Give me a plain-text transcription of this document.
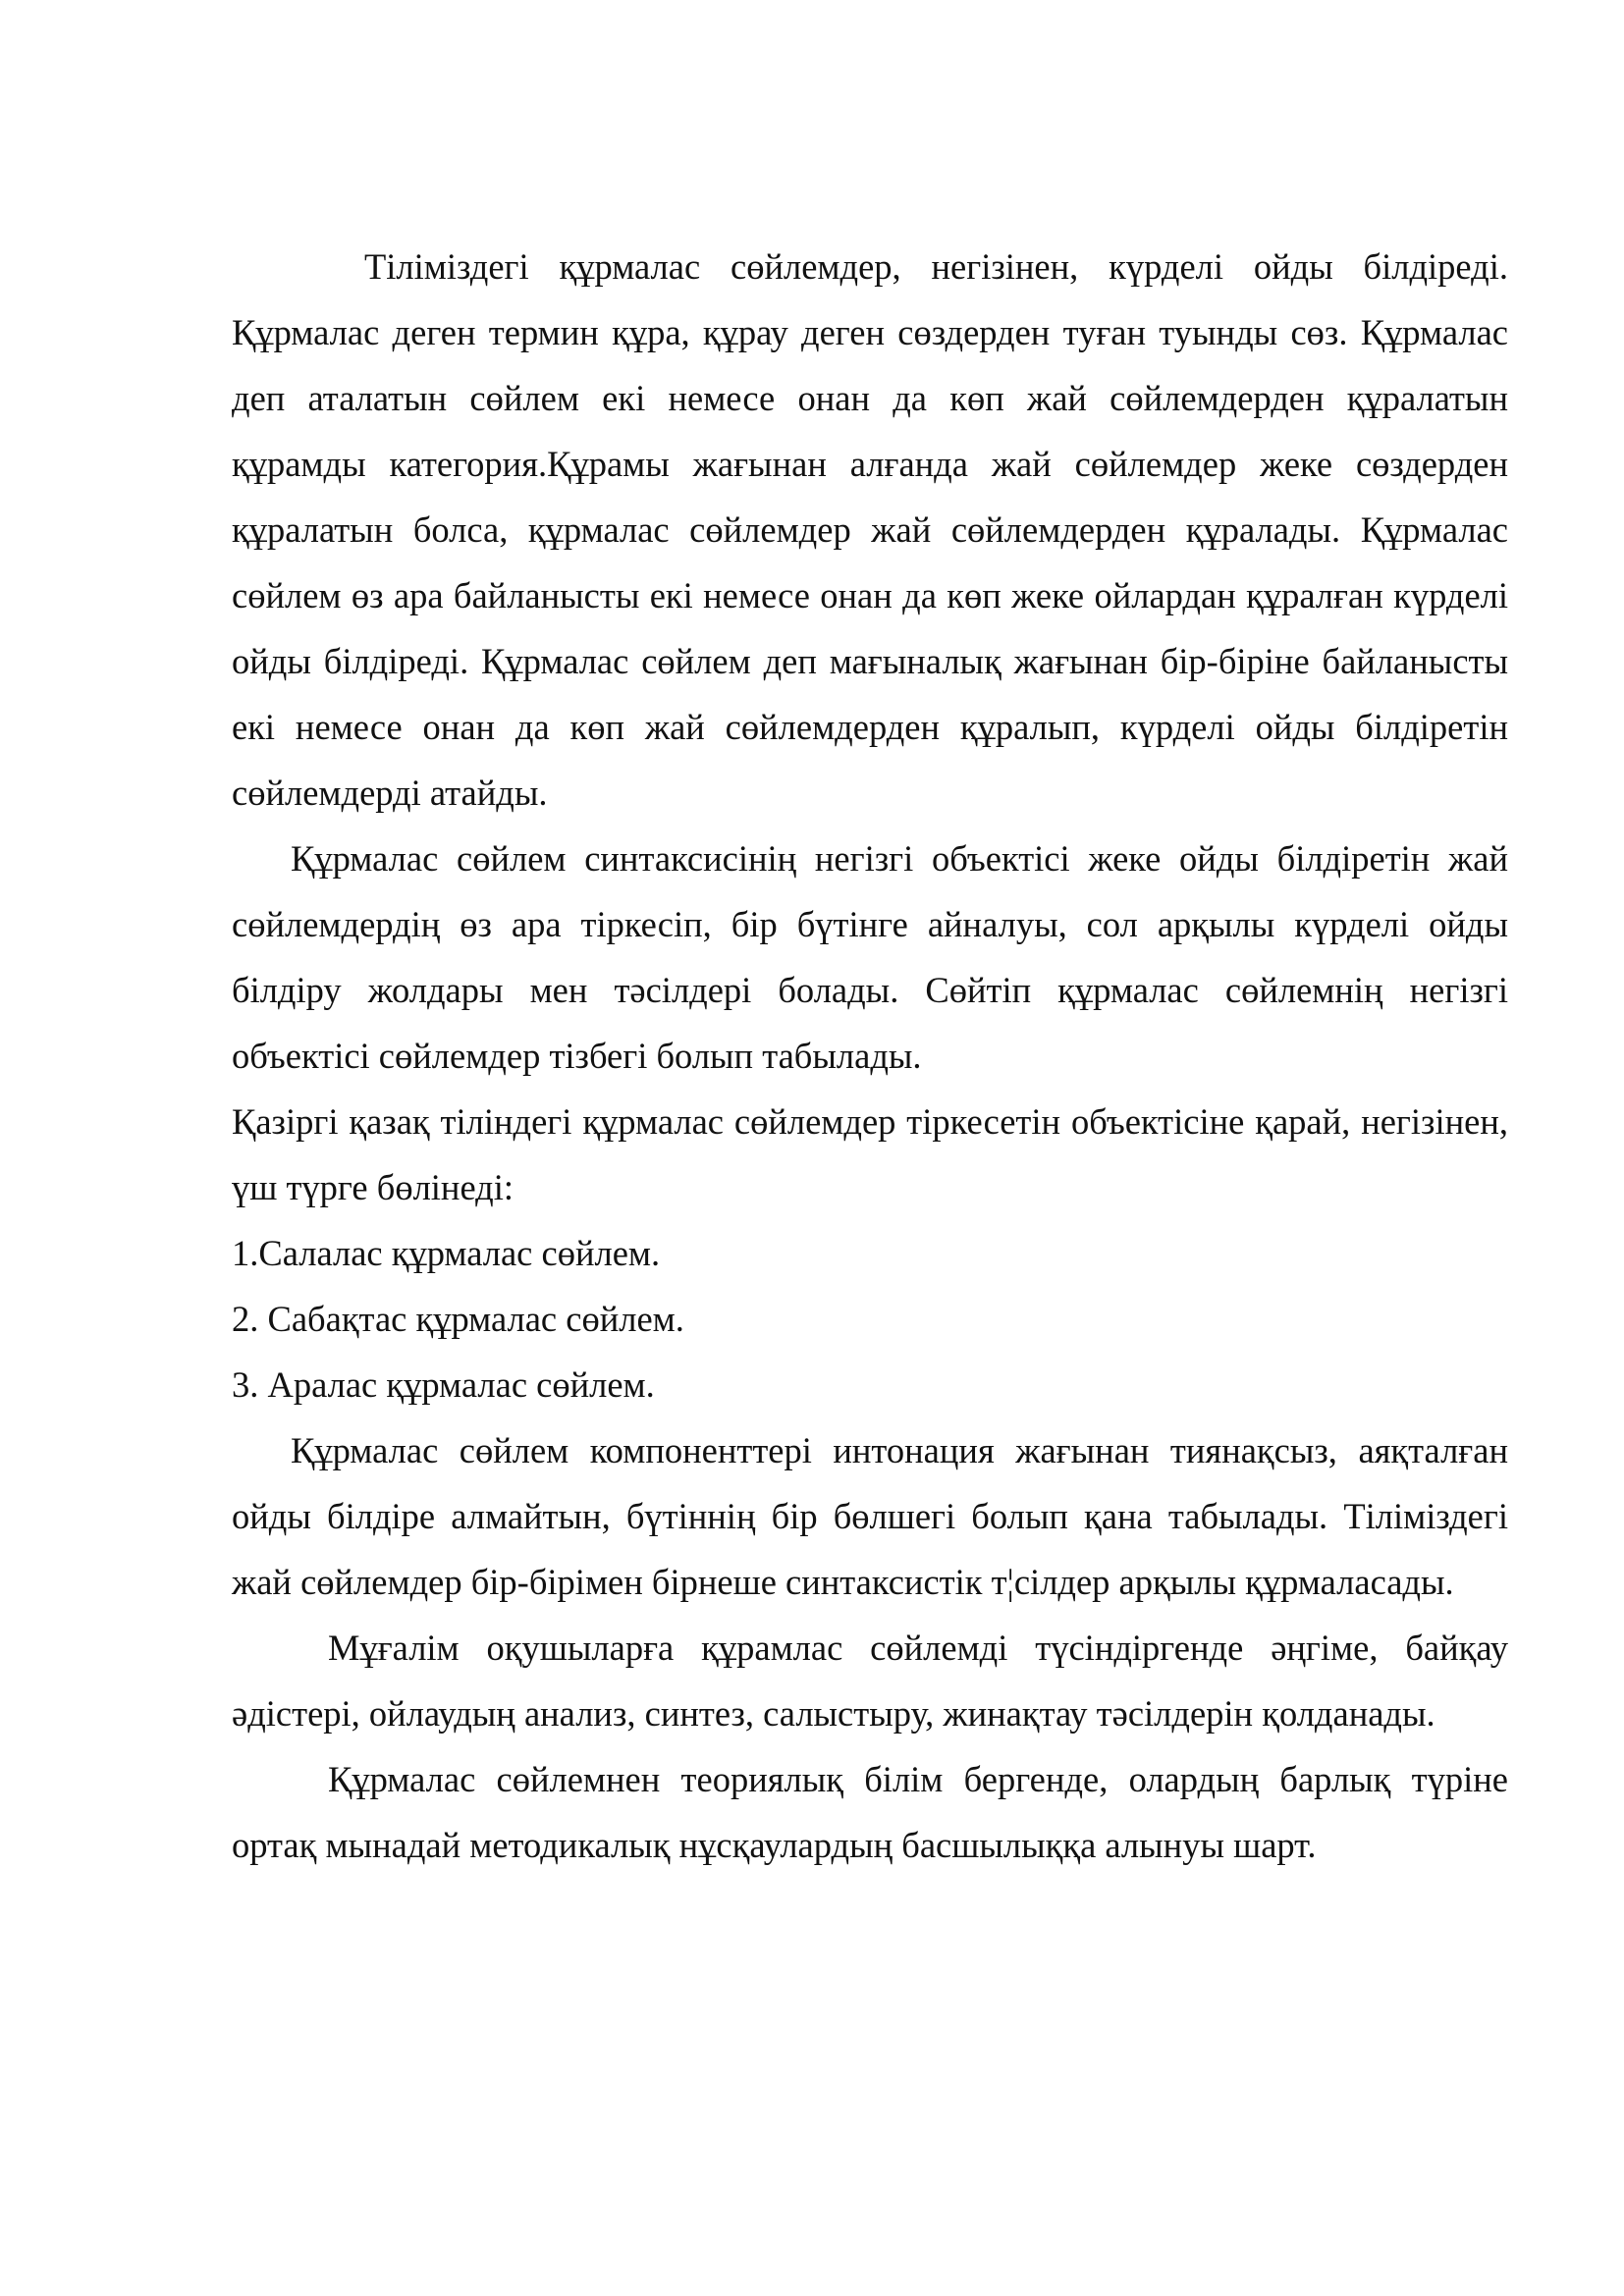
Тіліміздегі құрмалас сөйлемдер, негізінен, күрделі ойды білдіреді. Құрмалас деген термин құра, құрау деген сөздерден туған туынды сөз. Құрмалас деп аталатын сөйлем екі немесе онан да көп жай сөйлемдерден құралатын құрамды категория.Құрамы жағынан алғанда жай сөйлемдер жеке сөздерден құралатын болса, құрмалас сөйлемдер жай сөйлемдерден құралады. Құрмалас сөйлем өз ара байланысты екі немесе онан да көп жеке ойлардан құралған күрделі ойды білдіреді. Құрмалас сөйлем деп мағыналық жағынан бір-біріне байланысты екі немесе онан да көп жай сөйлемдерден құралып, күрделі ойды білдіретін сөйлемдерді атайды.

Құрмалас сөйлем синтаксисінің негізгі объектісі жеке ойды білдіретін жай сөйлемдердің өз ара тіркесіп, бір бүтінге айналуы, сол арқылы күрделі ойды білдіру жолдары мен тәсілдері болады. Сөйтіп құрмалас сөйлемнің негізгі объектісі сөйлемдер тізбегі болып табылады.

Қазіргі қазақ тіліндегі құрмалас сөйлемдер тіркесетін объектісіне қарай, негізінен, үш түрге бөлінеді:

1.Салалас құрмалас сөйлем.

2. Сабақтас құрмалас сөйлем.

3. Аралас құрмалас сөйлем.

Құрмалас сөйлем компоненттері интонация жағынан тиянақсыз, аяқталған ойды білдіре алмайтын, бүтіннің бір бөлшегі болып қана табылады. Тіліміздегі жай сөйлемдер бір-бірімен бірнеше синтаксистік т¦сілдер арқылы құрмаласады.

Мұғалім оқушыларға құрамлас сөйлемді түсіндіргенде әңгіме, байқау әдістері, ойлаудың анализ, синтез, салыстыру, жинақтау тәсілдерін қолданады.

Құрмалас сөйлемнен теориялық білім бергенде, олардың барлық түріне ортақ мынадай методикалық нұсқаулардың басшылыққа алынуы шарт.
